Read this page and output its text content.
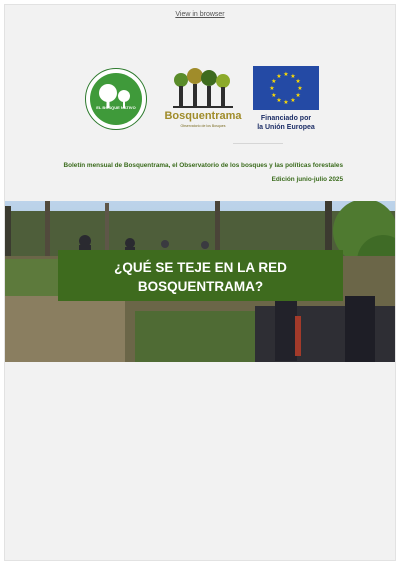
View in browser
EL BOSQUE NATIVO
Bosquentrama
Observatorio de los Bosques
★ ★
★
★
★
★
★
★
★
★
★
★
Financiado por
la Unión Europea
Boletín mensual de Bosquentrama, el Observatorio de los bosques y las políticas forestales
Edición junio-julio 2025
¿QUÉ SE TEJE EN LA RED
BOSQUENTRAMA?
